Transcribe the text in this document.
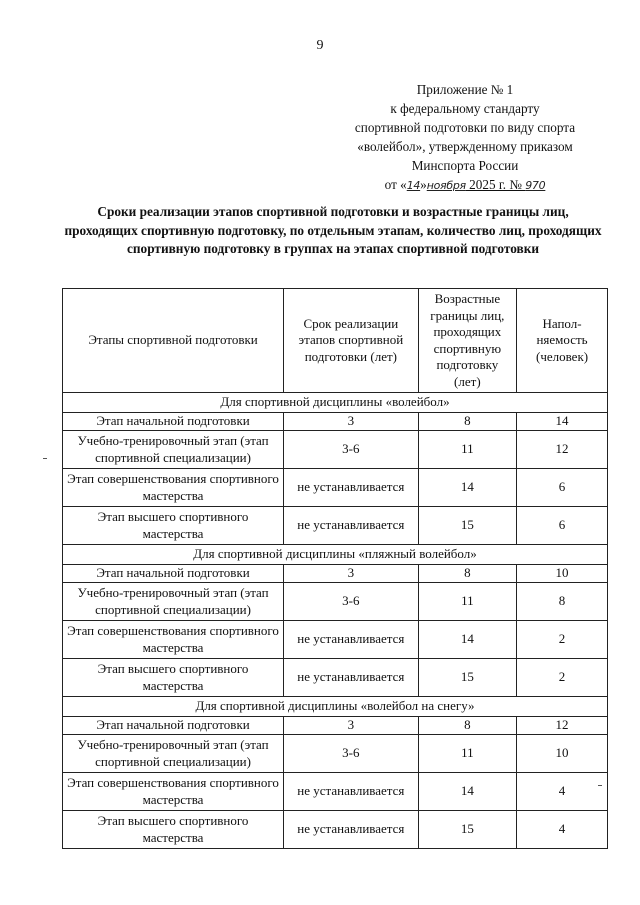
9
Приложение № 1
к федеральному стандарту
спортивной подготовки по виду спорта
«волейбол», утвержденному приказом
Минспорта России
от «14»ноября 2025 г. № 970
Сроки реализации этапов спортивной подготовки и возрастные границы лиц, проходящих спортивную подготовку, по отдельным этапам, количество лиц, проходящих спортивную подготовку в группах на этапах спортивной подготовки
Этапы спортивной подготовки	Срок реализации этапов спортивной подготовки (лет)	Возрастные границы лиц, проходящих спортивную подготовку (лет)	Напол-няемость (человек)
Для спортивной дисциплины «волейбол»			
Этап начальной подготовки	3	8	14
Учебно-тренировочный этап (этап спортивной специализации)	3-6	11	12
Этап совершенствования спортивного мастерства	не устанавливается	14	6
Этап высшего спортивного мастерства	не устанавливается	15	6
Для спортивной дисциплины «пляжный волейбол»			
Этап начальной подготовки	3	8	10
Учебно-тренировочный этап (этап спортивной специализации)	3-6	11	8
Этап совершенствования спортивного мастерства	не устанавливается	14	2
Этап высшего спортивного мастерства	не устанавливается	15	2
Для спортивной дисциплины «волейбол на снегу»			
Этап начальной подготовки	3	8	12
Учебно-тренировочный этап (этап спортивной специализации)	3-6	11	10
Этап совершенствования спортивного мастерства	не устанавливается	14	4
Этап высшего спортивного мастерства	не устанавливается	15	4
